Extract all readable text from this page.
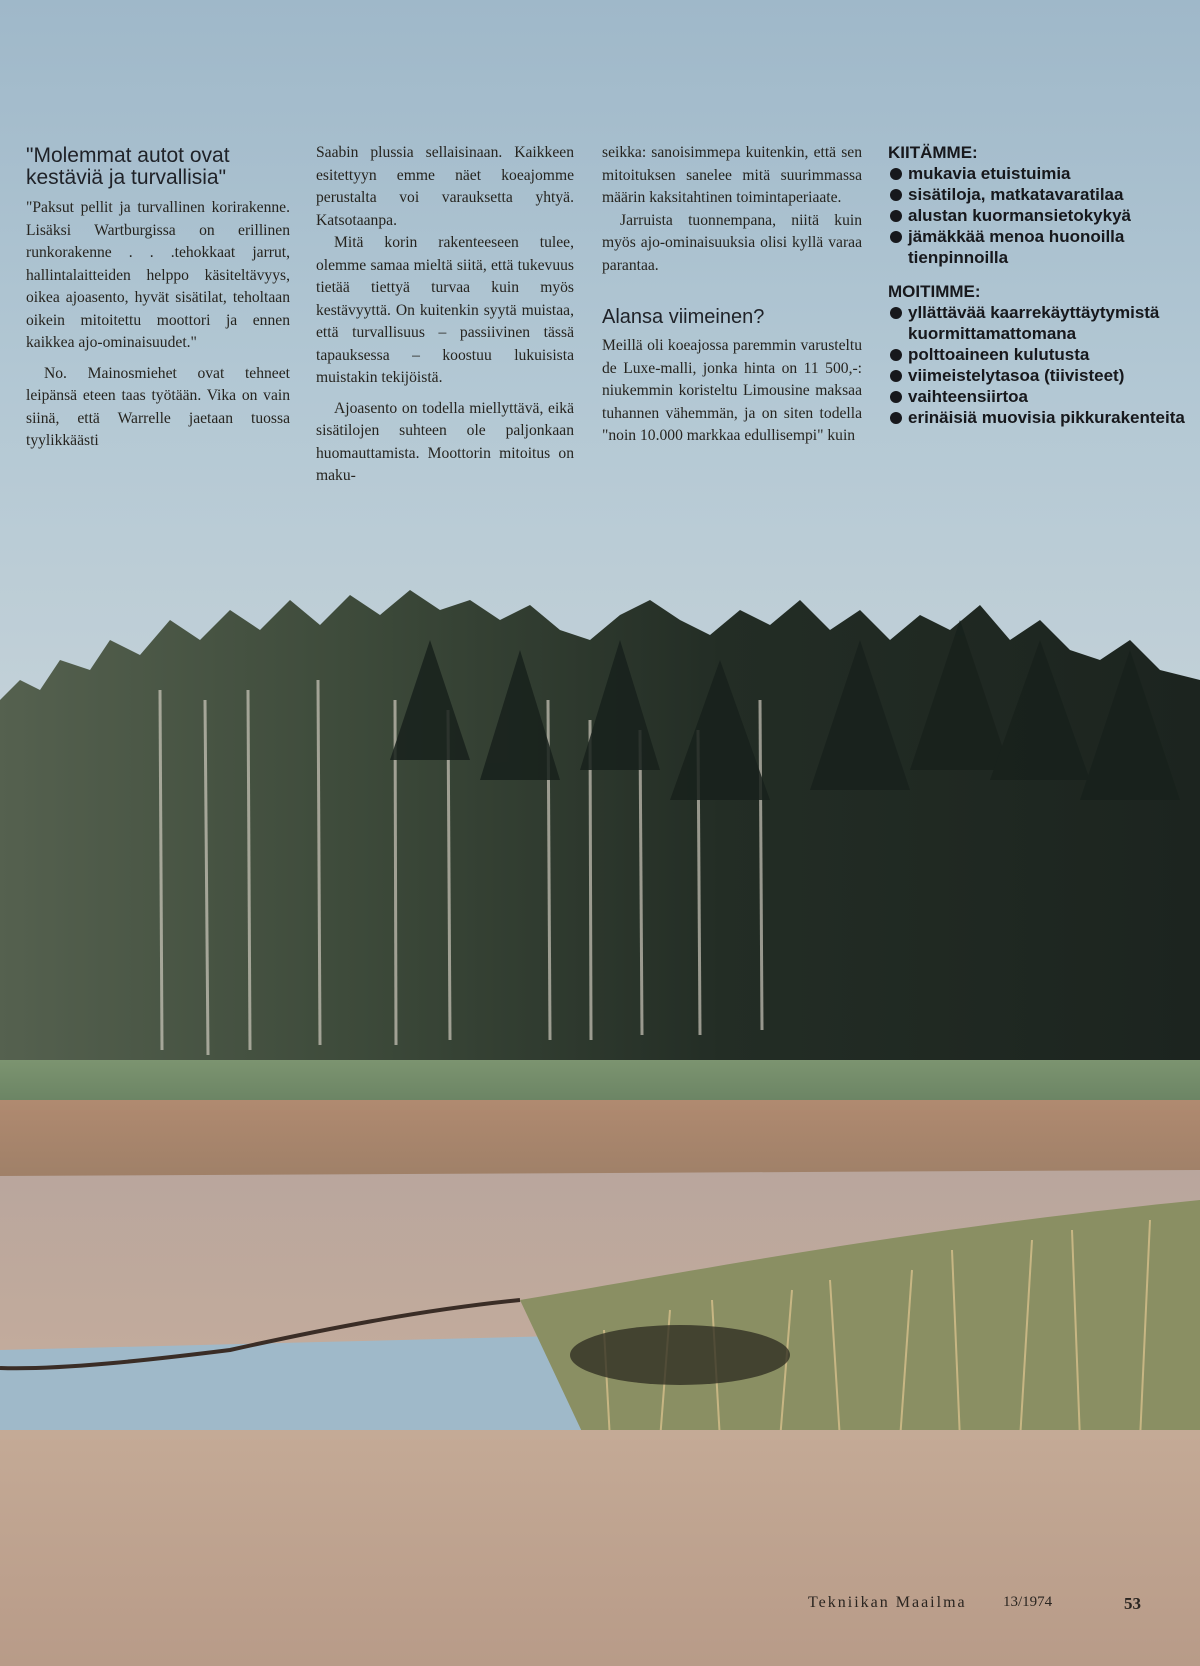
"Molemmat autot ovat kestäviä ja turvallisia"

"Paksut pellit ja turvallinen korirakenne. Lisäksi Wartburgissa on erillinen runkorakenne . . .tehokkaat jarrut, hallintalaitteiden helppo käsiteltävyys, oikea ajoasento, hyvät sisätilat, teholtaan oikein mitoitettu moottori ja ennen kaikkea ajo-ominaisuudet."

No. Mainosmiehet ovat tehneet leipänsä eteen taas työtään. Vika on vain siinä, että Warrelle jaetaan tuossa tyylikkäästi

Saabin plussia sellaisinaan. Kaikkeen esitettyyn emme näet koeajomme perustalta voi varauksetta yhtyä. Katsotaanpa.

Mitä korin rakenteeseen tulee, olemme samaa mieltä siitä, että tukevuus tietää tiettyä turvaa kuin myös kestävyyttä. On kuitenkin syytä muistaa, että turvallisuus – passiivinen tässä tapauksessa – koostuu lukuisista muistakin tekijöistä.

Ajoasento on todella miellyttävä, eikä sisätilojen suhteen ole paljonkaan huomauttamista. Moottorin mitoitus on maku-

seikka: sanoisimmepa kuitenkin, että sen mitoituksen sanelee mitä suurimmassa määrin kaksitahtinen toimintaperiaate.

Jarruista tuonnempana, niitä kuin myös ajo-ominaisuuksia olisi kyllä varaa parantaa.

Alansa viimeinen?

Meillä oli koeajossa paremmin varusteltu de Luxe-malli, jonka hinta on 11 500,-: niukemmin koristeltu Limousine maksaa tuhannen vähemmän, ja on siten todella "noin 10.000 markkaa edullisempi" kuin

KIITÄMME:
mukavia etuistuimia
sisätiloja, matkatavaratilaa
alustan kuormansietokykyä
jämäkkää menoa huonoilla tienpinnoilla
MOITIMME:
yllättävää kaarrekäyttäytymistä kuormittamattomana
polttoaineen kulutusta
viimeistelytasoa (tiivisteet)
vaihteensiirtoa
erinäisiä muovisia pikkurakenteita
Tekniikan Maailma 13/1974	53
